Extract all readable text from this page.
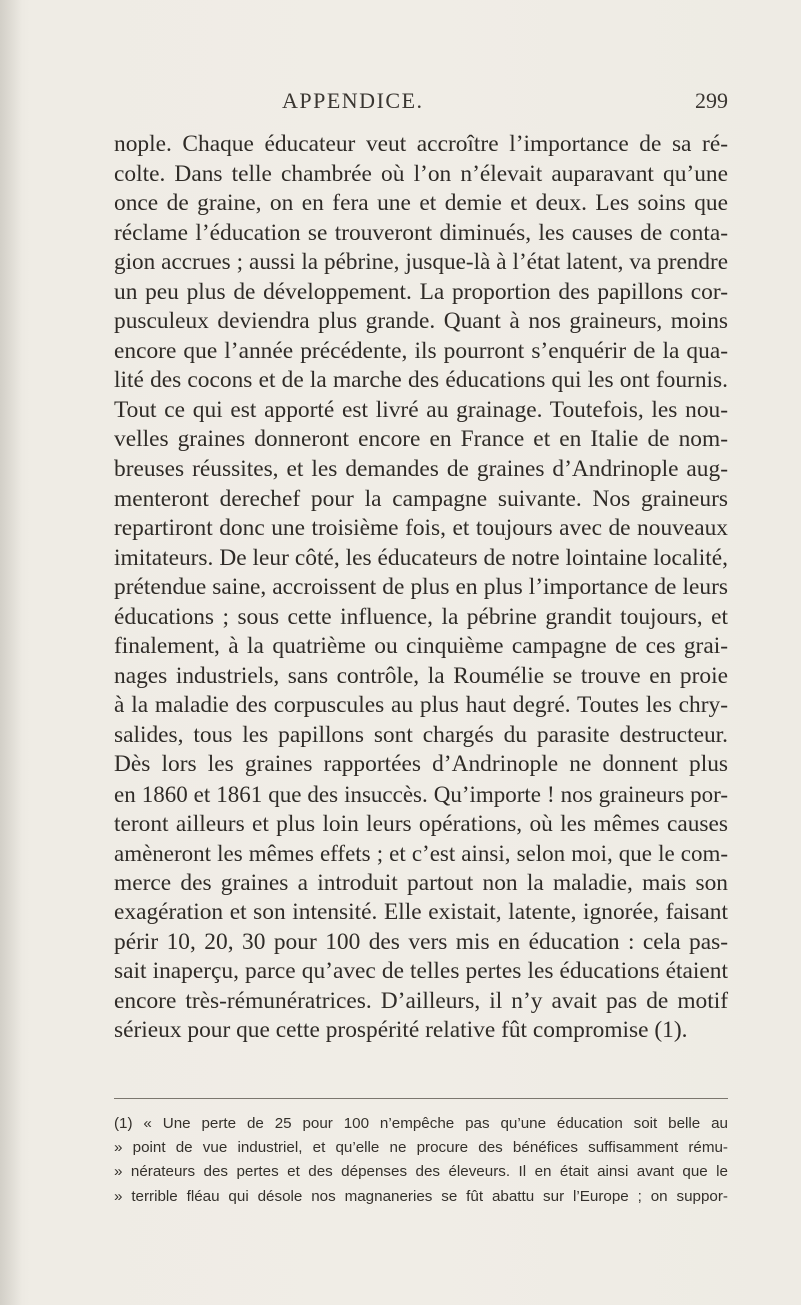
APPENDICE.	299
nople. Chaque éducateur veut accroître l’importance de sa ré-
colte. Dans telle chambrée où l’on n’élevait auparavant qu’une
once de graine, on en fera une et demie et deux. Les soins que
réclame l’éducation se trouveront diminués, les causes de conta-
gion accrues ; aussi la pébrine, jusque-là à l’état latent, va prendre
un peu plus de développement. La proportion des papillons cor-
pusculeux deviendra plus grande. Quant à nos graineurs, moins
encore que l’année précédente, ils pourront s’enquérir de la qua-
lité des cocons et de la marche des éducations qui les ont fournis.
Tout ce qui est apporté est livré au grainage. Toutefois, les nou-
velles graines donneront encore en France et en Italie de nom-
breuses réussites, et les demandes de graines d’Andrinople aug-
menteront derechef pour la campagne suivante. Nos graineurs
repartiront donc une troisième fois, et toujours avec de nouveaux
imitateurs. De leur côté, les éducateurs de notre lointaine localité,
prétendue saine, accroissent de plus en plus l’importance de leurs
éducations ; sous cette influence, la pébrine grandit toujours, et
finalement, à la quatrième ou cinquième campagne de ces grai-
nages industriels, sans contrôle, la Roumélie se trouve en proie
à la maladie des corpuscules au plus haut degré. Toutes les chry-
salides, tous les papillons sont chargés du parasite destructeur.
Dès lors les graines rapportées d’Andrinople ne donnent plus
en 1860 et 1861 que des insuccès. Qu’importe ! nos graineurs por-
teront ailleurs et plus loin leurs opérations, où les mêmes causes
amèneront les mêmes effets ; et c’est ainsi, selon moi, que le com-
merce des graines a introduit partout non la maladie, mais son
exagération et son intensité. Elle existait, latente, ignorée, faisant
périr 10, 20, 30 pour 100 des vers mis en éducation : cela pas-
sait inaperçu, parce qu’avec de telles pertes les éducations étaient
encore très-rémunératrices. D’ailleurs, il n’y avait pas de motif
sérieux pour que cette prospérité relative fût compromise (1).
(1) « Une perte de 25 pour 100 n’empêche pas qu’une éducation soit belle au
» point de vue industriel, et qu’elle ne procure des bénéfices suffisamment rému-
» nérateurs des pertes et des dépenses des éleveurs. Il en était ainsi avant que le
» terrible fléau qui désole nos magnaneries se fût abattu sur l’Europe ; on suppor-
